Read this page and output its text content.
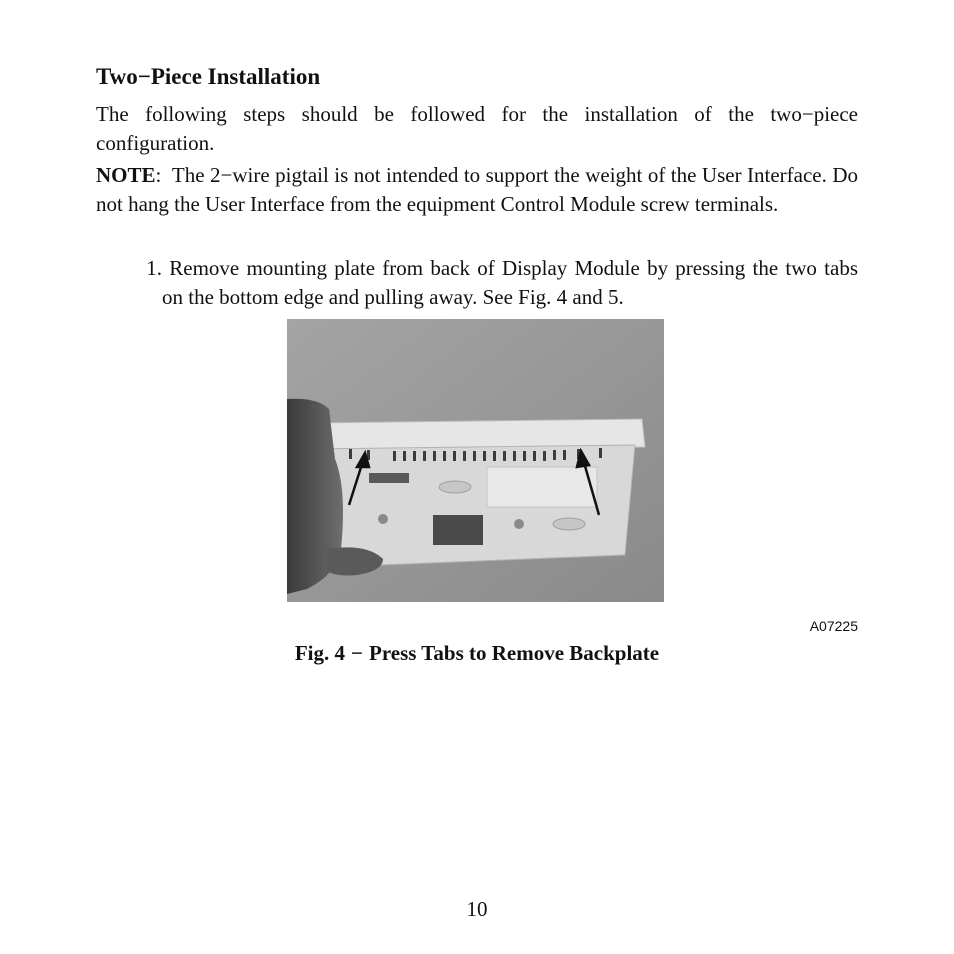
Two−Piece Installation

The following steps should be followed for the installation of the two−piece configuration.

NOTE: The 2−wire pigtail is not intended to support the weight of the User Interface. Do not hang the User Interface from the equipment Control Module screw terminals.

1. Remove mounting plate from back of Display Module by pressing the two tabs on the bottom edge and pulling away. See Fig. 4 and 5.
A07225

Fig. 4 − Press Tabs to Remove Backplate

10
